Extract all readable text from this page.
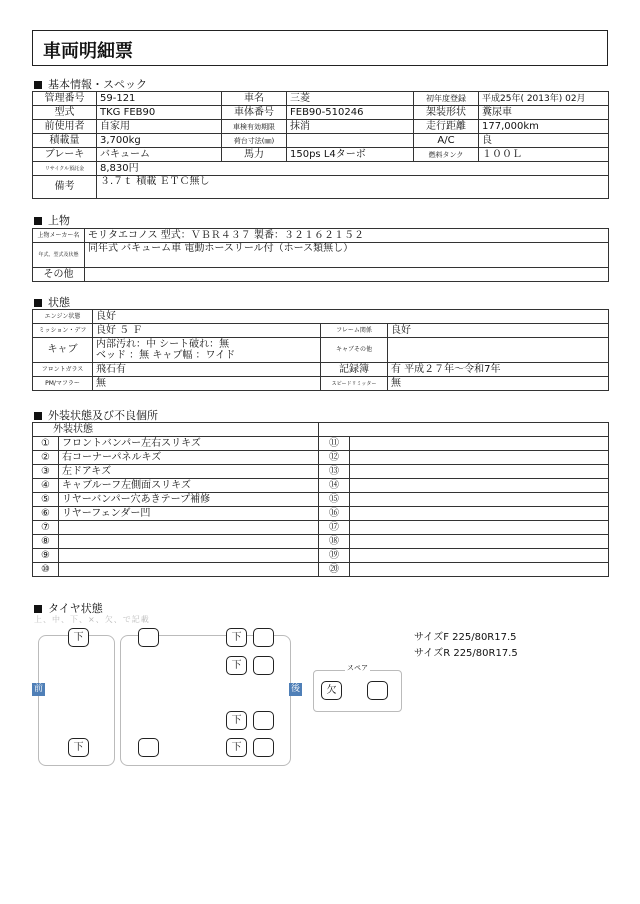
車両明細票
基本情報・スペック
管理番号	59-121	車名	三菱	初年度登録	平成25年( 2013年) 02月
型式	TKG FEB90	車体番号	FEB90-510246	架装形状	糞尿車
前使用者	自家用	車検有効期限	抹消	走行距離	177,000km
積載量	3,700kg	荷台寸法(㎜)		A/C	良
ブレーキ	バキューム	馬力	150ps L4ターボ	燃料タンク	１００Ｌ
リサイクル預託金	8,830円				
備考	３.７ｔ 積載 ＥＴＣ無し				
上物
上物メーカー名	モリタエコノス 型式：ＶＢＲ４３７ 製番：３２１６２１５２
年式、型式及状態	同年式 バキューム車 電動ホースリール付（ホース類無し）
その他	
状態
エンジン状態	良好		
ミッション・デフ	良好 ５ Ｆ	フレーム関係	良好
キャブ	内部汚れ：中 シート破れ：無
ベッド ：無 キャブ幅 ：ワイド	キャブその他	
フロントガラス	飛石有	記録簿	有 平成２７年～令和7年
PM/マフラー	無	スピードリミッター	無
外装状態及び不良個所
外装状態			
①	フロントバンパー左右スリキズ	⑪	
②	右コーナーパネルキズ	⑫	
③	左ドアキズ	⑬	
④	キャブルーフ左側面スリキズ	⑭	
⑤	リヤーバンパー穴あきテープ補修	⑮	
⑥	リヤーフェンダー凹	⑯	
⑦		⑰	
⑧		⑱	
⑨		⑲	
⑩		⑳	
タイヤ状態
上、中、下、×、欠、で記載
前	後
下
下
下
下
下
下
スペア
欠
サイズF 225/80R17.5
サイズR 225/80R17.5
